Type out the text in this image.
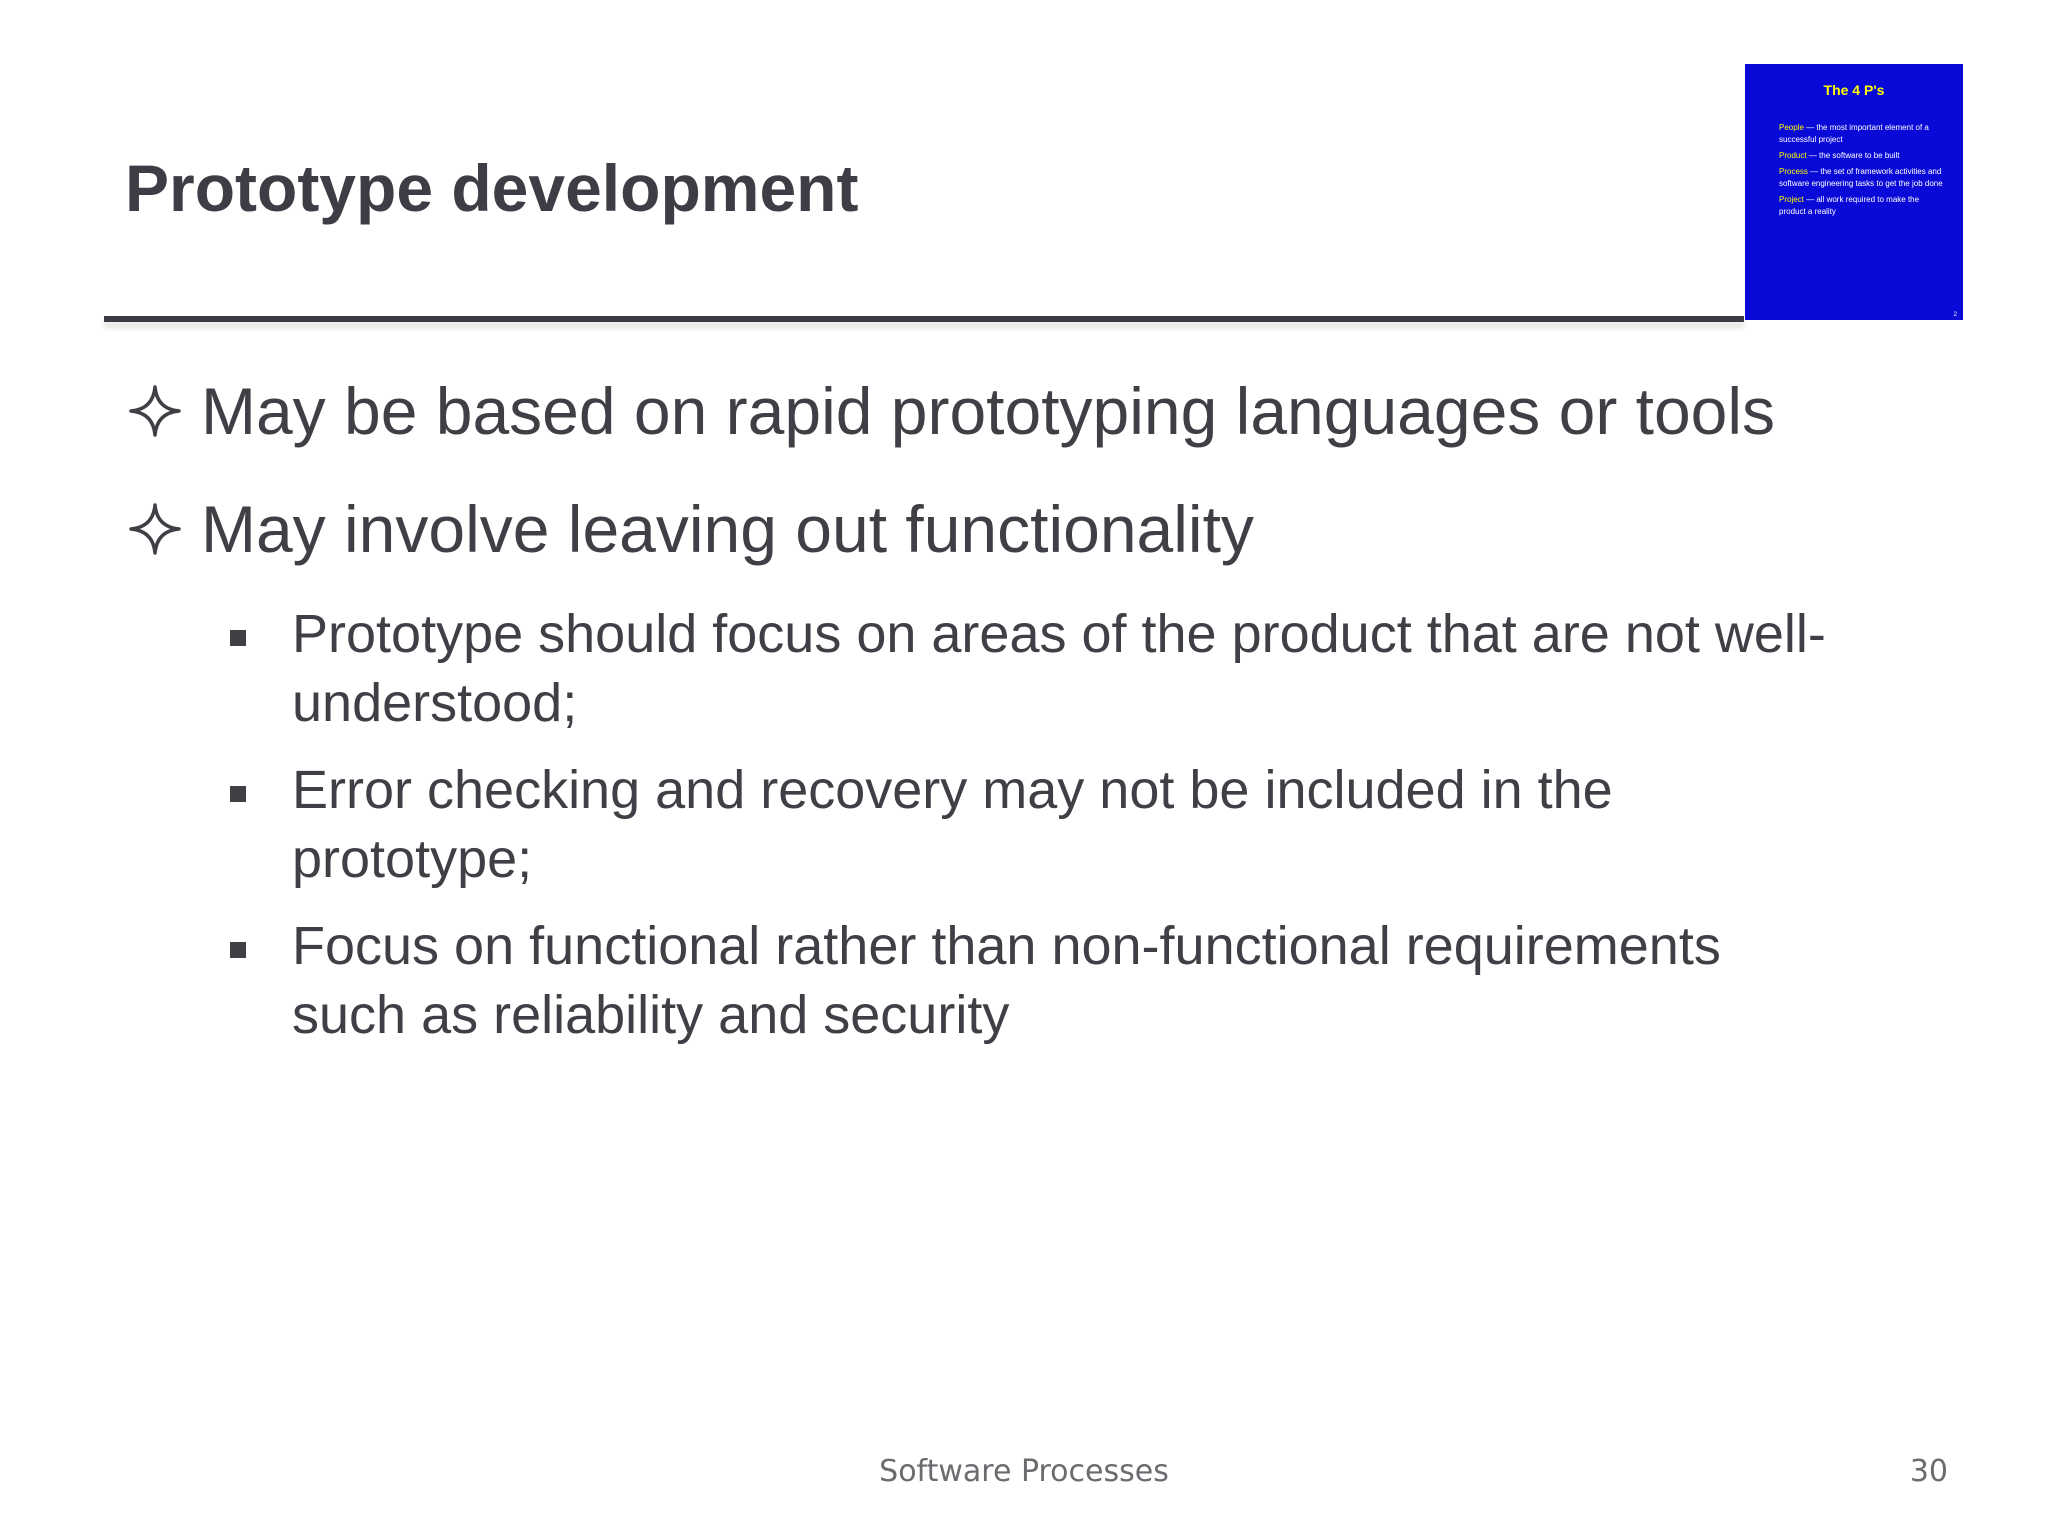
Prototype development
The 4 P's
People — the most important element of a successful project
Product — the software to be built
Process — the set of framework activities and software engineering tasks to get the job done
Project — all work required to make the product a reality
2
May be based on rapid prototyping languages or tools
May involve leaving out functionality
Prototype should focus on areas of the product that are not well-
understood;
Error checking and recovery may not be included in the
prototype;
Focus on functional rather than non-functional requirements
such as reliability and security
Software Processes	30
